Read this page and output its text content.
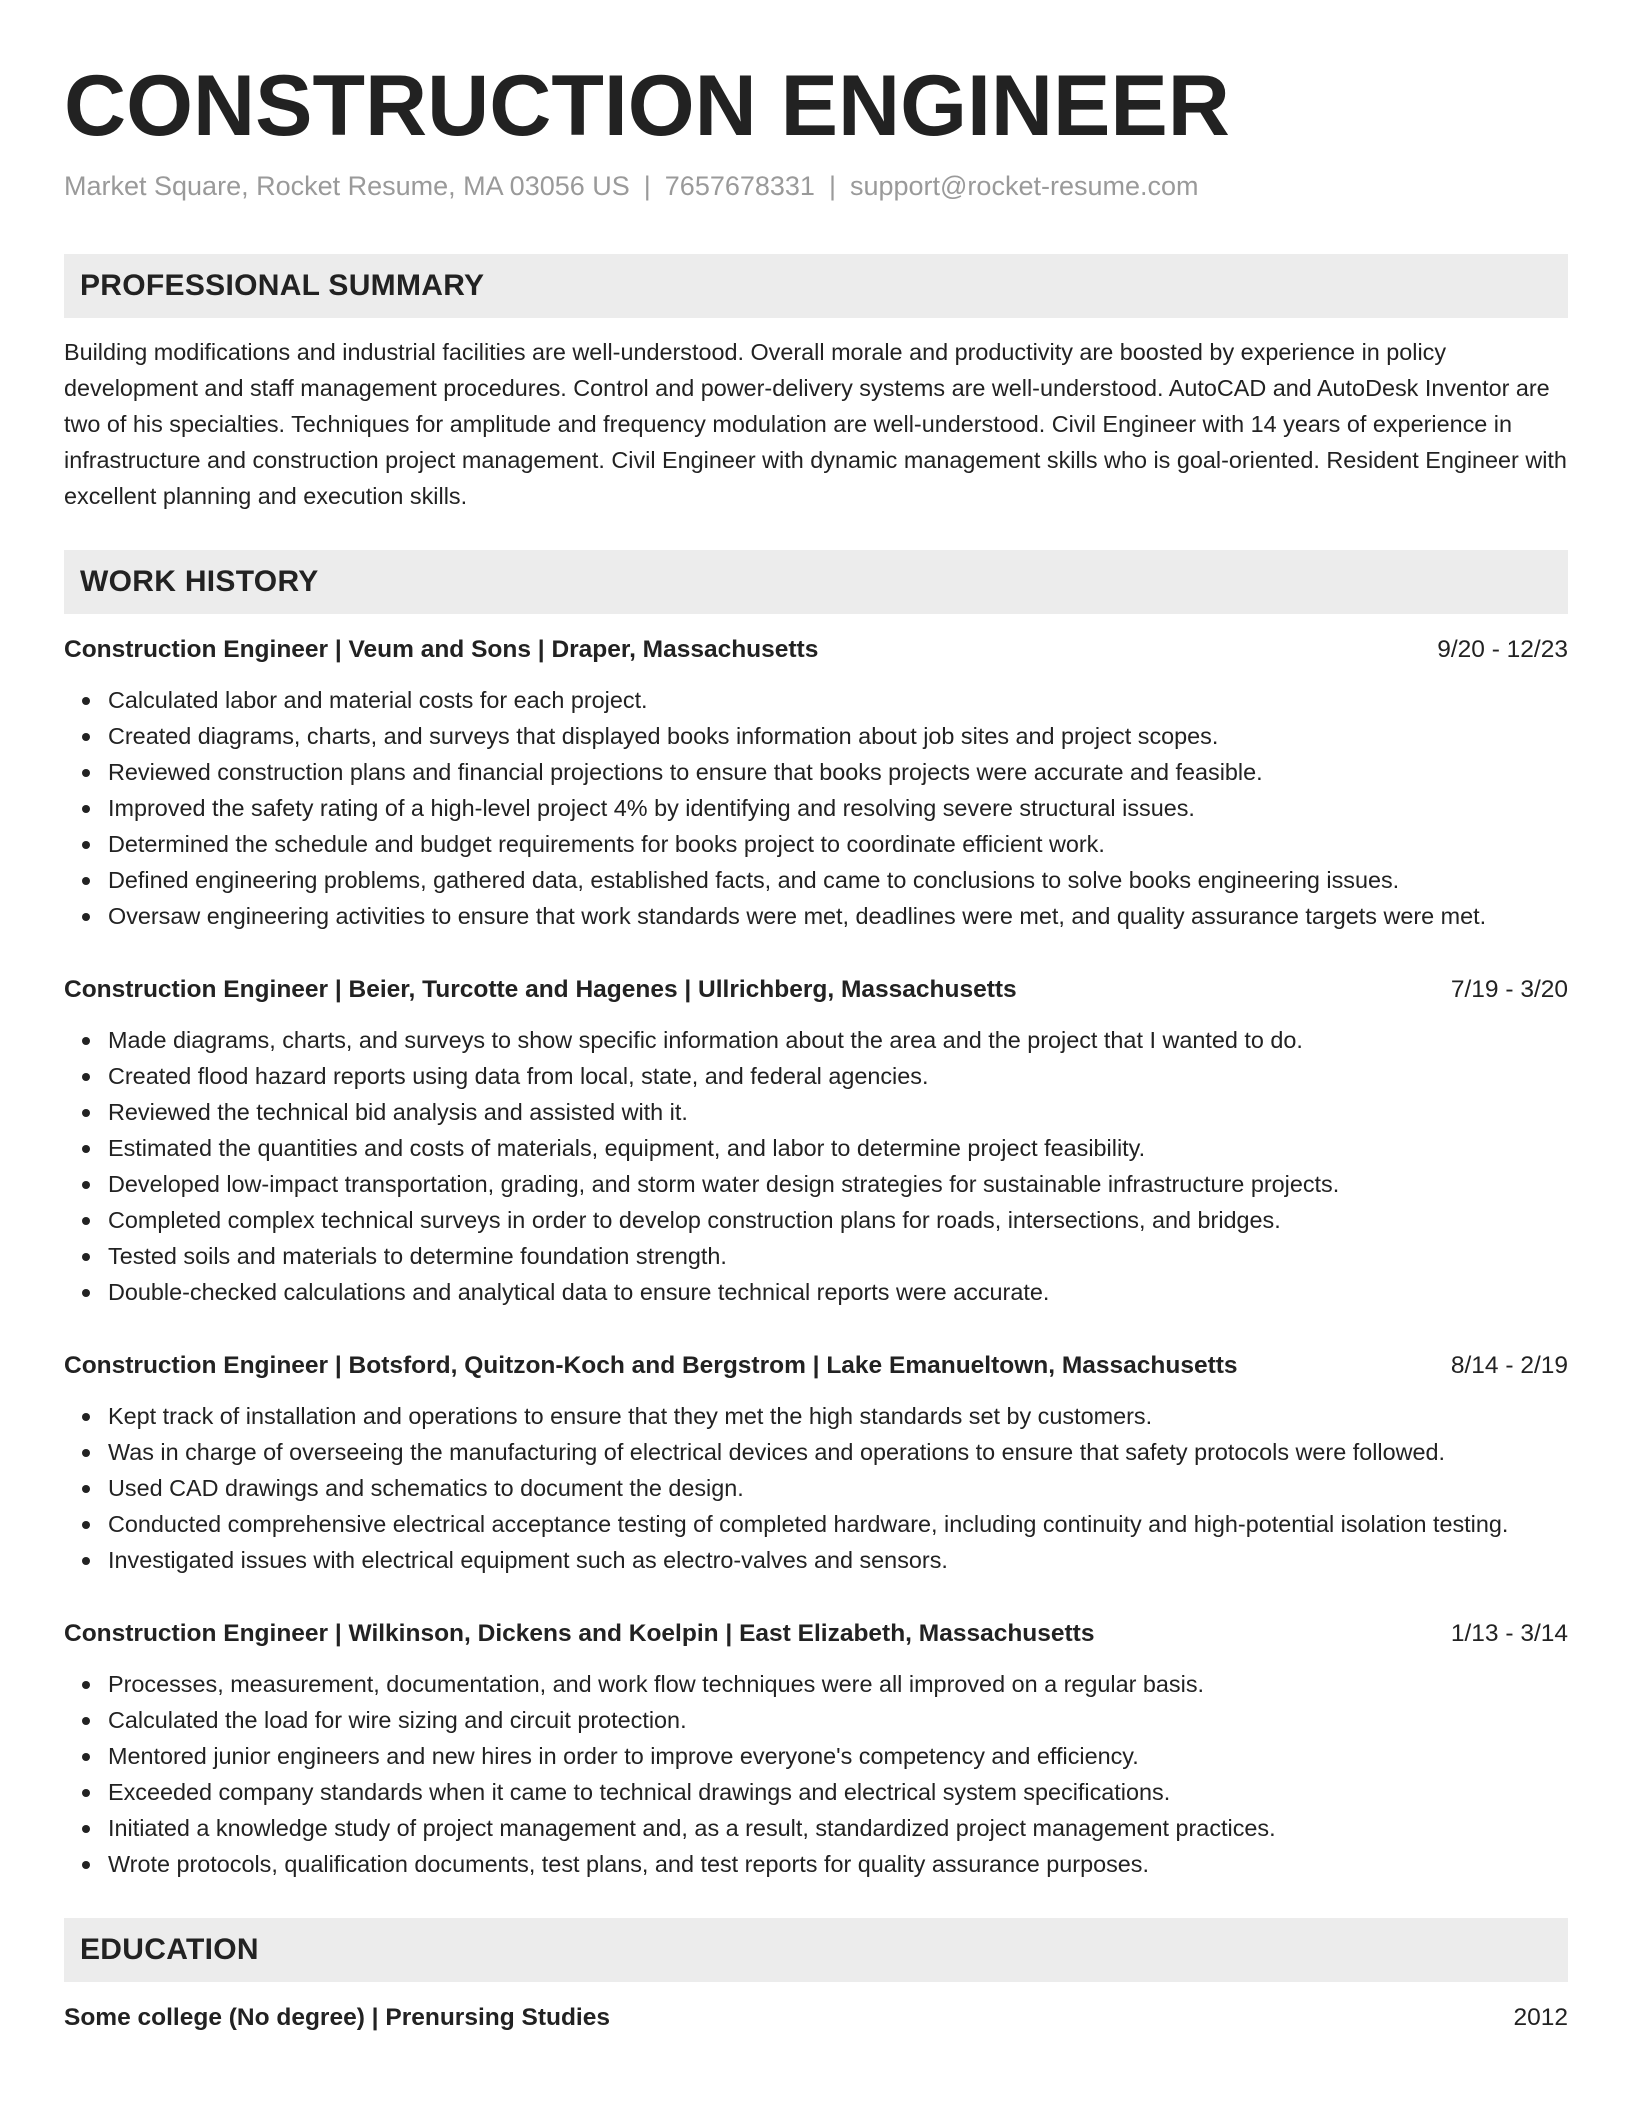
CONSTRUCTION ENGINEER
Market Square, Rocket Resume, MA 03056 US | 7657678331 | support@rocket-resume.com
PROFESSIONAL SUMMARY
Building modifications and industrial facilities are well-understood. Overall morale and productivity are boosted by experience in policy development and staff management procedures. Control and power-delivery systems are well-understood. AutoCAD and AutoDesk Inventor are two of his specialties. Techniques for amplitude and frequency modulation are well-understood. Civil Engineer with 14 years of experience in infrastructure and construction project management. Civil Engineer with dynamic management skills who is goal-oriented. Resident Engineer with excellent planning and execution skills.
WORK HISTORY
Construction Engineer | Veum and Sons | Draper, Massachusetts	9/20 - 12/23
Calculated labor and material costs for each project.
Created diagrams, charts, and surveys that displayed books information about job sites and project scopes.
Reviewed construction plans and financial projections to ensure that books projects were accurate and feasible.
Improved the safety rating of a high-level project 4% by identifying and resolving severe structural issues.
Determined the schedule and budget requirements for books project to coordinate efficient work.
Defined engineering problems, gathered data, established facts, and came to conclusions to solve books engineering issues.
Oversaw engineering activities to ensure that work standards were met, deadlines were met, and quality assurance targets were met.
Construction Engineer | Beier, Turcotte and Hagenes | Ullrichberg, Massachusetts	7/19 - 3/20
Made diagrams, charts, and surveys to show specific information about the area and the project that I wanted to do.
Created flood hazard reports using data from local, state, and federal agencies.
Reviewed the technical bid analysis and assisted with it.
Estimated the quantities and costs of materials, equipment, and labor to determine project feasibility.
Developed low-impact transportation, grading, and storm water design strategies for sustainable infrastructure projects.
Completed complex technical surveys in order to develop construction plans for roads, intersections, and bridges.
Tested soils and materials to determine foundation strength.
Double-checked calculations and analytical data to ensure technical reports were accurate.
Construction Engineer | Botsford, Quitzon-Koch and Bergstrom | Lake Emanueltown, Massachusetts	8/14 - 2/19
Kept track of installation and operations to ensure that they met the high standards set by customers.
Was in charge of overseeing the manufacturing of electrical devices and operations to ensure that safety protocols were followed.
Used CAD drawings and schematics to document the design.
Conducted comprehensive electrical acceptance testing of completed hardware, including continuity and high-potential isolation testing.
Investigated issues with electrical equipment such as electro-valves and sensors.
Construction Engineer | Wilkinson, Dickens and Koelpin | East Elizabeth, Massachusetts	1/13 - 3/14
Processes, measurement, documentation, and work flow techniques were all improved on a regular basis.
Calculated the load for wire sizing and circuit protection.
Mentored junior engineers and new hires in order to improve everyone's competency and efficiency.
Exceeded company standards when it came to technical drawings and electrical system specifications.
Initiated a knowledge study of project management and, as a result, standardized project management practices.
Wrote protocols, qualification documents, test plans, and test reports for quality assurance purposes.
EDUCATION
Some college (No degree) | Prenursing Studies	2012
